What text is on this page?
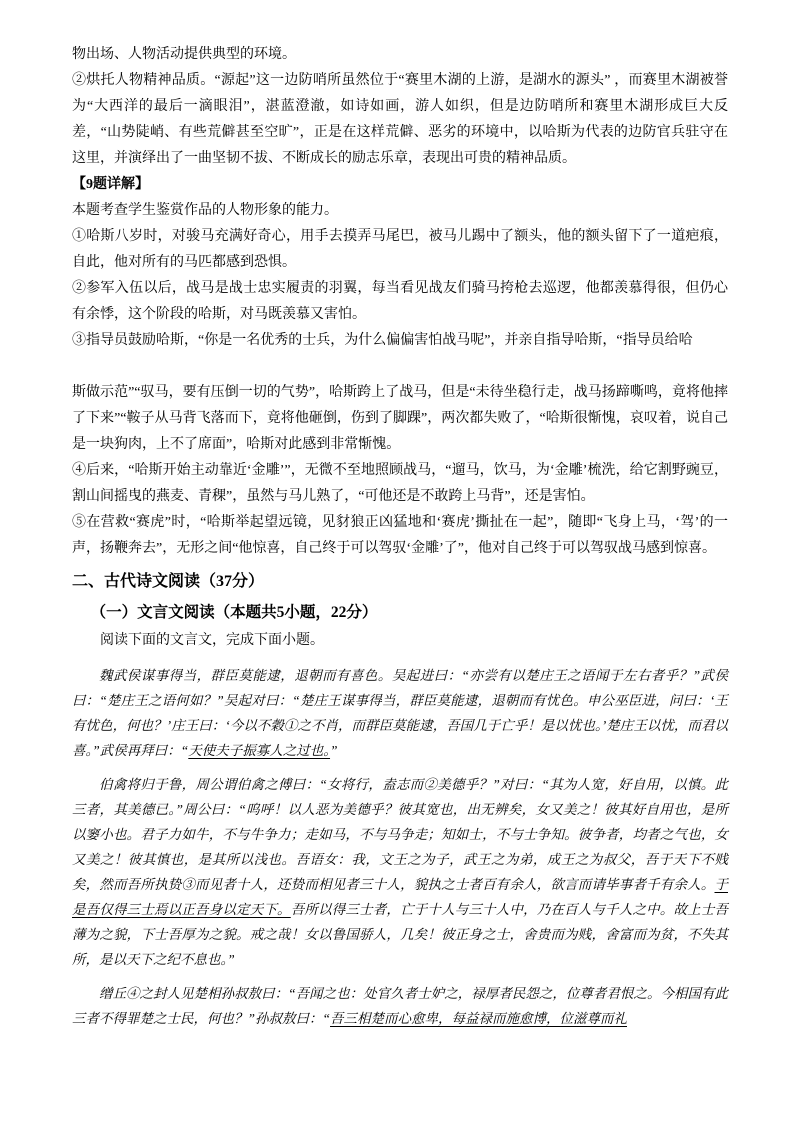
物出场、人物活动提供典型的环境。

②烘托人物精神品质。“源起”这一边防哨所虽然位于“赛里木湖的上游，是湖水的源头” ，而赛里木湖被誉为“大西洋的最后一滴眼泪”，湛蓝澄澈，如诗如画，游人如织，但是边防哨所和赛里木湖形成巨大反差，“山势陡峭、有些荒僻甚至空旷”，正是在这样荒僻、恶劣的环境中，以哈斯为代表的边防官兵驻守在这里，并演绎出了一曲坚韧不拔、不断成长的励志乐章，表现出可贵的精神品质。

【9题详解】

本题考查学生鉴赏作品的人物形象的能力。

①哈斯八岁时，对骏马充满好奇心，用手去摸弄马尾巴，被马儿踢中了额头，他的额头留下了一道疤痕，自此，他对所有的马匹都感到恐惧。

②参军入伍以后，战马是战士忠实履责的羽翼，每当看见战友们骑马挎枪去巡逻，他都羡慕得很，但仍心有余悸，这个阶段的哈斯，对马既羡慕又害怕。

③指导员鼓励哈斯，“你是一名优秀的士兵，为什么偏偏害怕战马呢”，并亲自指导哈斯，“指导员给哈

斯做示范”“驭马，要有压倒一切的气势”，哈斯跨上了战马，但是“未待坐稳行走，战马扬蹄嘶鸣，竟将他摔了下来”“鞍子从马背飞落而下，竟将他砸倒，伤到了脚踝”，两次都失败了，“哈斯很惭愧，哀叹着，说自己是一块狗肉，上不了席面”，哈斯对此感到非常惭愧。

④后来，“哈斯开始主动靠近‘金雕’”，无微不至地照顾战马，“遛马，饮马，为‘金雕’梳洗，给它割野豌豆，割山间摇曳的燕麦、青稞”，虽然与马儿熟了，“可他还是不敢跨上马背”，还是害怕。

⑤在营救“赛虎”时，“哈斯举起望远镜，见豺狼正凶猛地和‘赛虎’撕扯在一起”，随即“飞身上马，‘驾’的一声，扬鞭奔去”，无形之间“他惊喜，自己终于可以驾驭‘金雕’了”，他对自己终于可以驾驭战马感到惊喜。

二、古代诗文阅读（37分）

（一）文言文阅读（本题共5小题，22分）

阅读下面的文言文，完成下面小题。

魏武侯谋事得当，群臣莫能逮，退朝而有喜色。吴起进曰：“亦尝有以楚庄王之语闻于左右者乎？”武侯曰：“楚庄王之语何如？”吴起对曰：“楚庄王谋事得当，群臣莫能逮，退朝而有忧色。申公巫臣进，问曰：‘王有忧色，何也？’庄王曰：‘今以不穀①之不肖，而群臣莫能逮，吾国几于亡乎！是以忧也。’楚庄王以忧，而君以喜。”武侯再拜曰：“天使夫子振寡人之过也。”

伯禽将归于鲁，周公谓伯禽之傅曰：“女将行，盍志而②美德乎？”对曰：“其为人宽，好自用，以慎。此三者，其美德已。”周公曰：“呜呼！以人恶为美德乎？彼其宽也，出无辨矣，女又美之！彼其好自用也，是所以窭小也。君子力如牛，不与牛争力；走如马，不与马争走；知如士，不与士争知。彼争者，均者之气也，女又美之！彼其慎也，是其所以浅也。吾语女：我，文王之为子，武王之为弟，成王之为叔父，吾于天下不贱矣，然而吾所执贽③而见者十人，还贽而相见者三十人，貌执之士者百有余人，欲言而请毕事者千有余人。于是吾仅得三士焉以正吾身以定天下。吾所以得三士者，亡于十人与三十人中，乃在百人与千人之中。故上士吾薄为之貌，下士吾厚为之貌。戒之哉！女以鲁国骄人，几矣！彼正身之士，舍贵而为贱，舍富而为贫，不失其所，是以天下之纪不息也。”

缯丘④之封人见楚相孙叔敖曰：“吾闻之也：处官久者士妒之，禄厚者民怨之，位尊者君恨之。今相国有此三者不得罪楚之士民，何也？”孙叔敖曰：“吾三相楚而心愈卑，每益禄而施愈博，位滋尊而礼
